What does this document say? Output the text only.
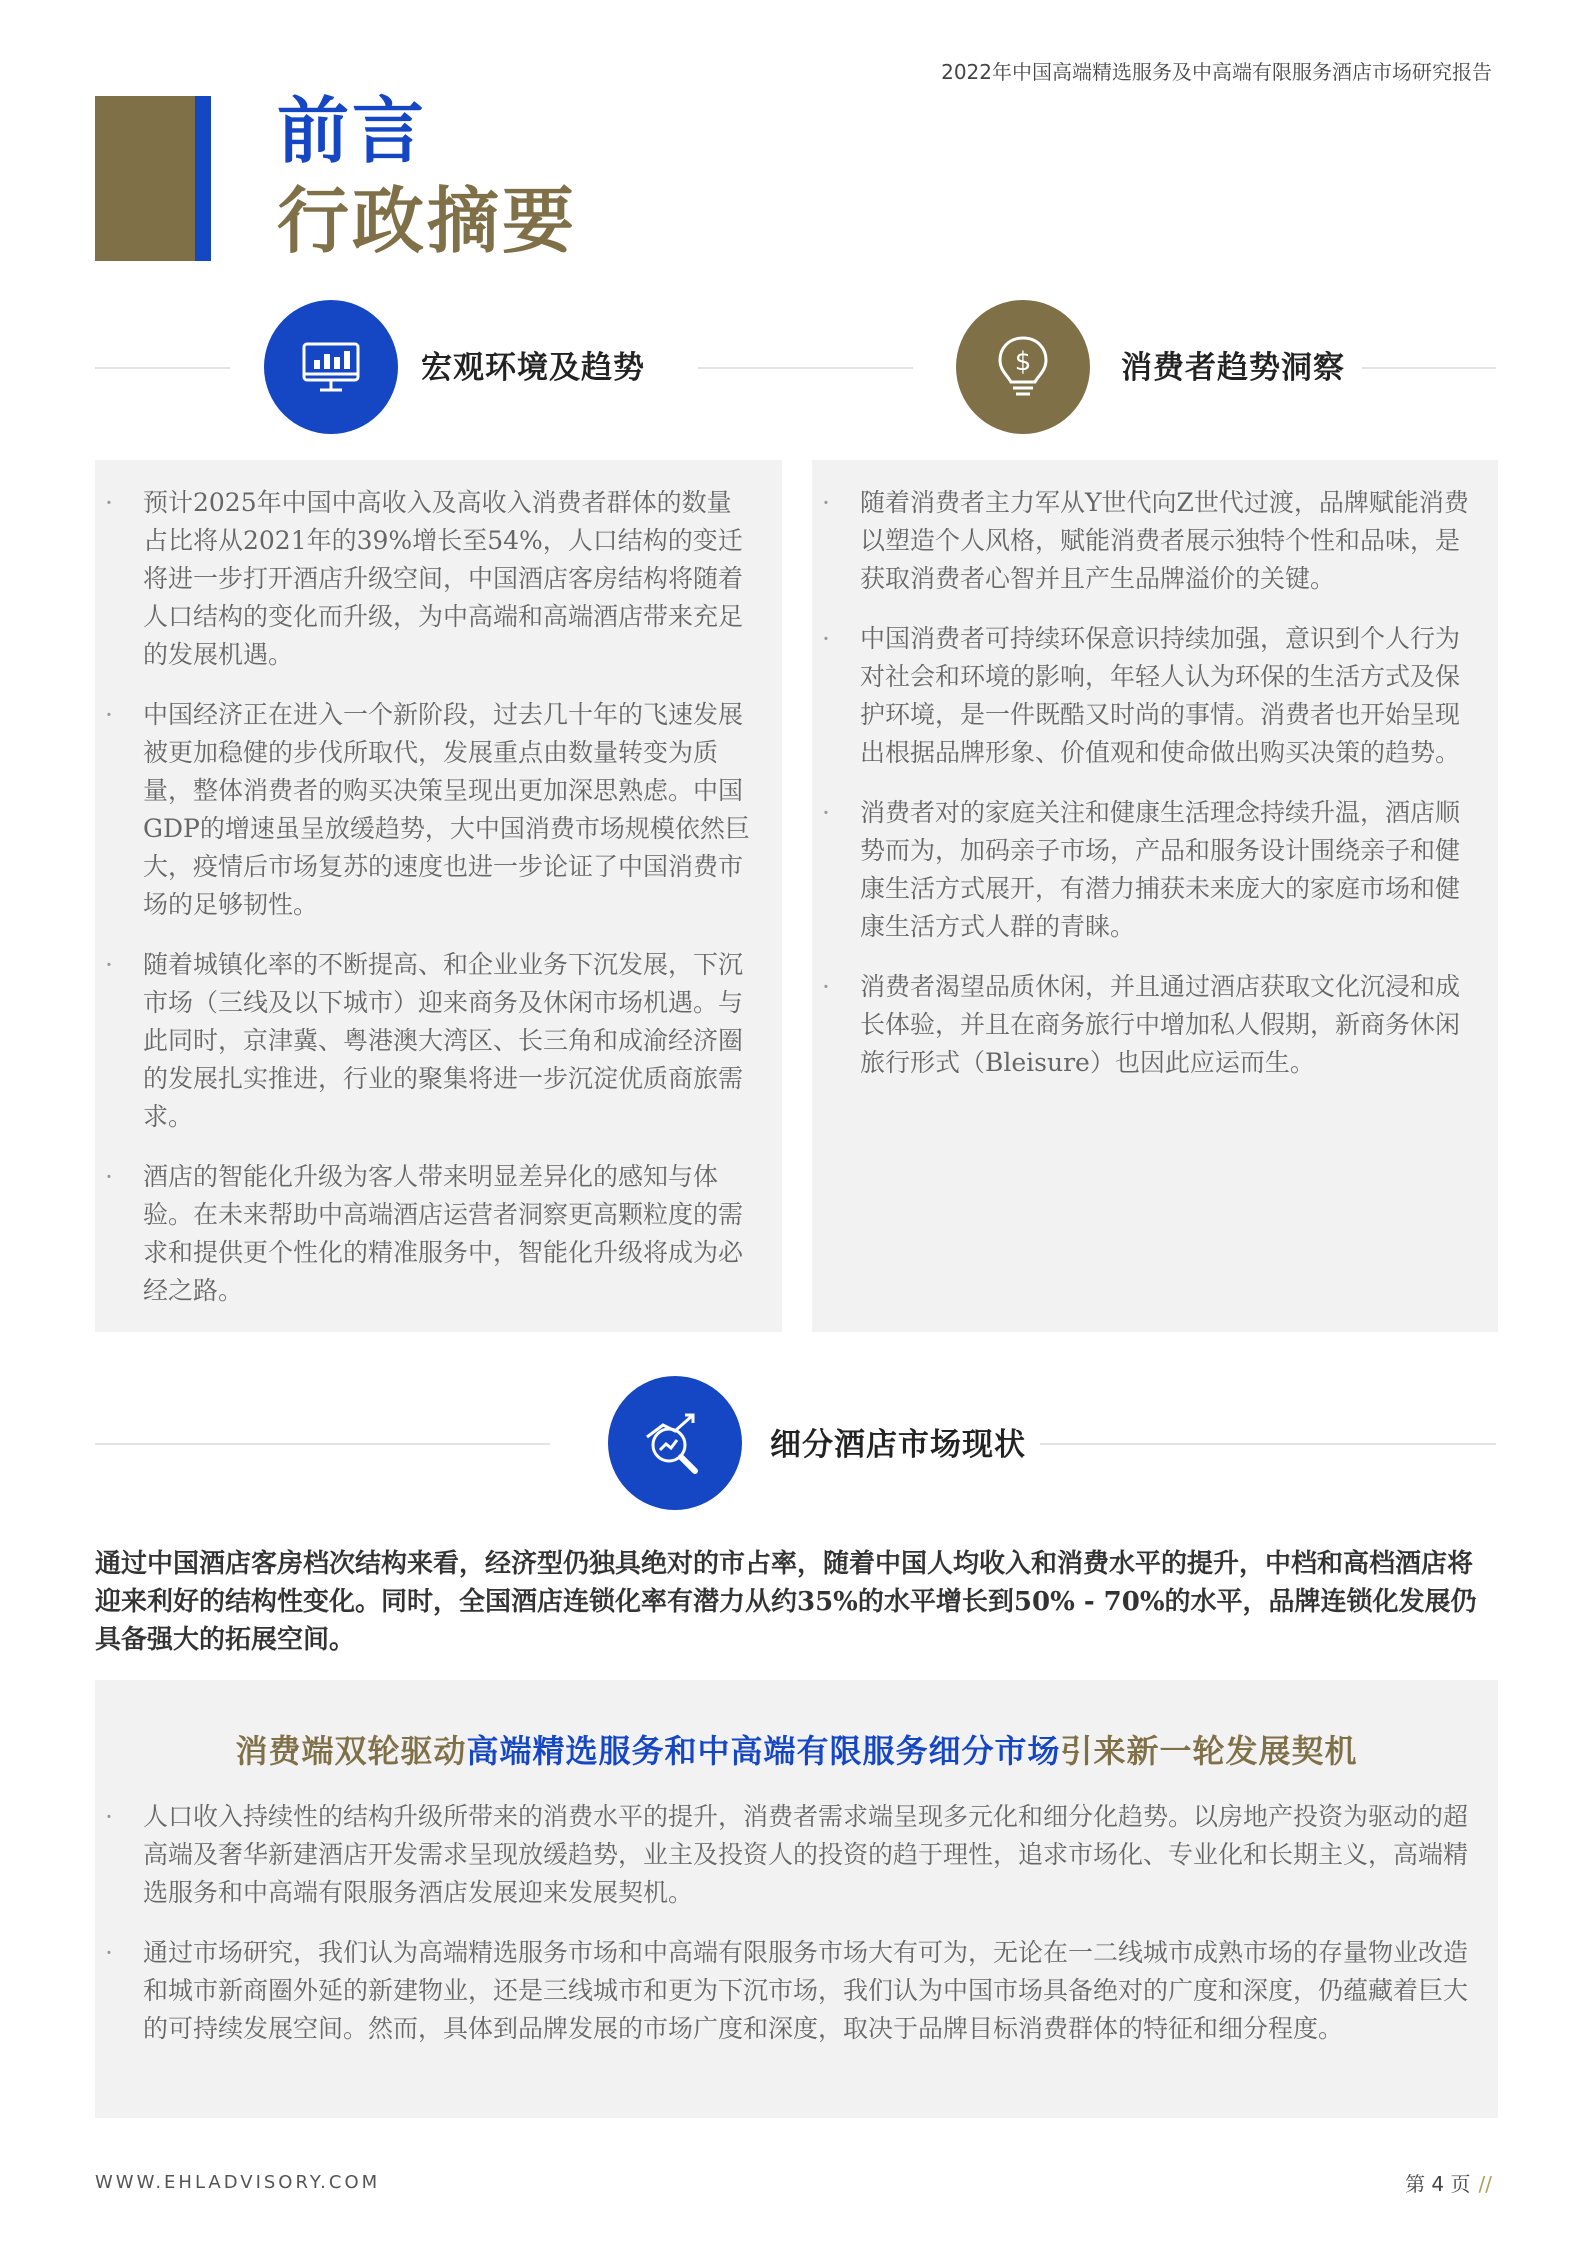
2022年中国高端精选服务及中高端有限服务酒店市场研究报告
前言
行政摘要
宏观环境及趋势	$	消费者趋势洞察
· 预计2025年中国中高收入及高收入消费者群体的数量占比将从2021年的39%增长至54%，人口结构的变迁将进一步打开酒店升级空间，中国酒店客房结构将随着人口结构的变化而升级，为中高端和高端酒店带来充足的发展机遇。
· 中国经济正在进入一个新阶段，过去几十年的飞速发展被更加稳健的步伐所取代，发展重点由数量转变为质量，整体消费者的购买决策呈现出更加深思熟虑。中国GDP的增速虽呈放缓趋势，大中国消费市场规模依然巨大，疫情后市场复苏的速度也进一步论证了中国消费市场的足够韧性。
· 随着城镇化率的不断提高、和企业业务下沉发展，下沉市场（三线及以下城市）迎来商务及休闲市场机遇。与此同时，京津冀、粤港澳大湾区、长三角和成渝经济圈的发展扎实推进，行业的聚集将进一步沉淀优质商旅需求。
· 酒店的智能化升级为客人带来明显差异化的感知与体验。在未来帮助中高端酒店运营者洞察更高颗粒度的需求和提供更个性化的精准服务中，智能化升级将成为必经之路。
· 随着消费者主力军从Y世代向Z世代过渡，品牌赋能消费以塑造个人风格，赋能消费者展示独特个性和品味，是获取消费者心智并且产生品牌溢价的关键。
· 中国消费者可持续环保意识持续加强，意识到个人行为对社会和环境的影响，年轻人认为环保的生活方式及保护环境，是一件既酷又时尚的事情。消费者也开始呈现出根据品牌形象、价值观和使命做出购买决策的趋势。
· 消费者对的家庭关注和健康生活理念持续升温，酒店顺势而为，加码亲子市场，产品和服务设计围绕亲子和健康生活方式展开，有潜力捕获未来庞大的家庭市场和健康生活方式人群的青睐。
· 消费者渴望品质休闲，并且通过酒店获取文化沉浸和成长体验，并且在商务旅行中增加私人假期，新商务休闲旅行形式（Bleisure）也因此应运而生。
细分酒店市场现状
通过中国酒店客房档次结构来看，经济型仍独具绝对的市占率，随着中国人均收入和消费水平的提升，中档和高档酒店将迎来利好的结构性变化。同时，全国酒店连锁化率有潜力从约35%的水平增长到50% - 70%的水平，品牌连锁化发展仍具备强大的拓展空间。
消费端双轮驱动高端精选服务和中高端有限服务细分市场引来新一轮发展契机
· 人口收入持续性的结构升级所带来的消费水平的提升，消费者需求端呈现多元化和细分化趋势。以房地产投资为驱动的超高端及奢华新建酒店开发需求呈现放缓趋势，业主及投资人的投资的趋于理性，追求市场化、专业化和长期主义，高端精选服务和中高端有限服务酒店发展迎来发展契机。
· 通过市场研究，我们认为高端精选服务市场和中高端有限服务市场大有可为，无论在一二线城市成熟市场的存量物业改造和城市新商圈外延的新建物业，还是三线城市和更为下沉市场，我们认为中国市场具备绝对的广度和深度，仍蕴藏着巨大的可持续发展空间。然而，具体到品牌发展的市场广度和深度，取决于品牌目标消费群体的特征和细分程度。
WWW.EHLADVISORY.COM	第 4 页 //
